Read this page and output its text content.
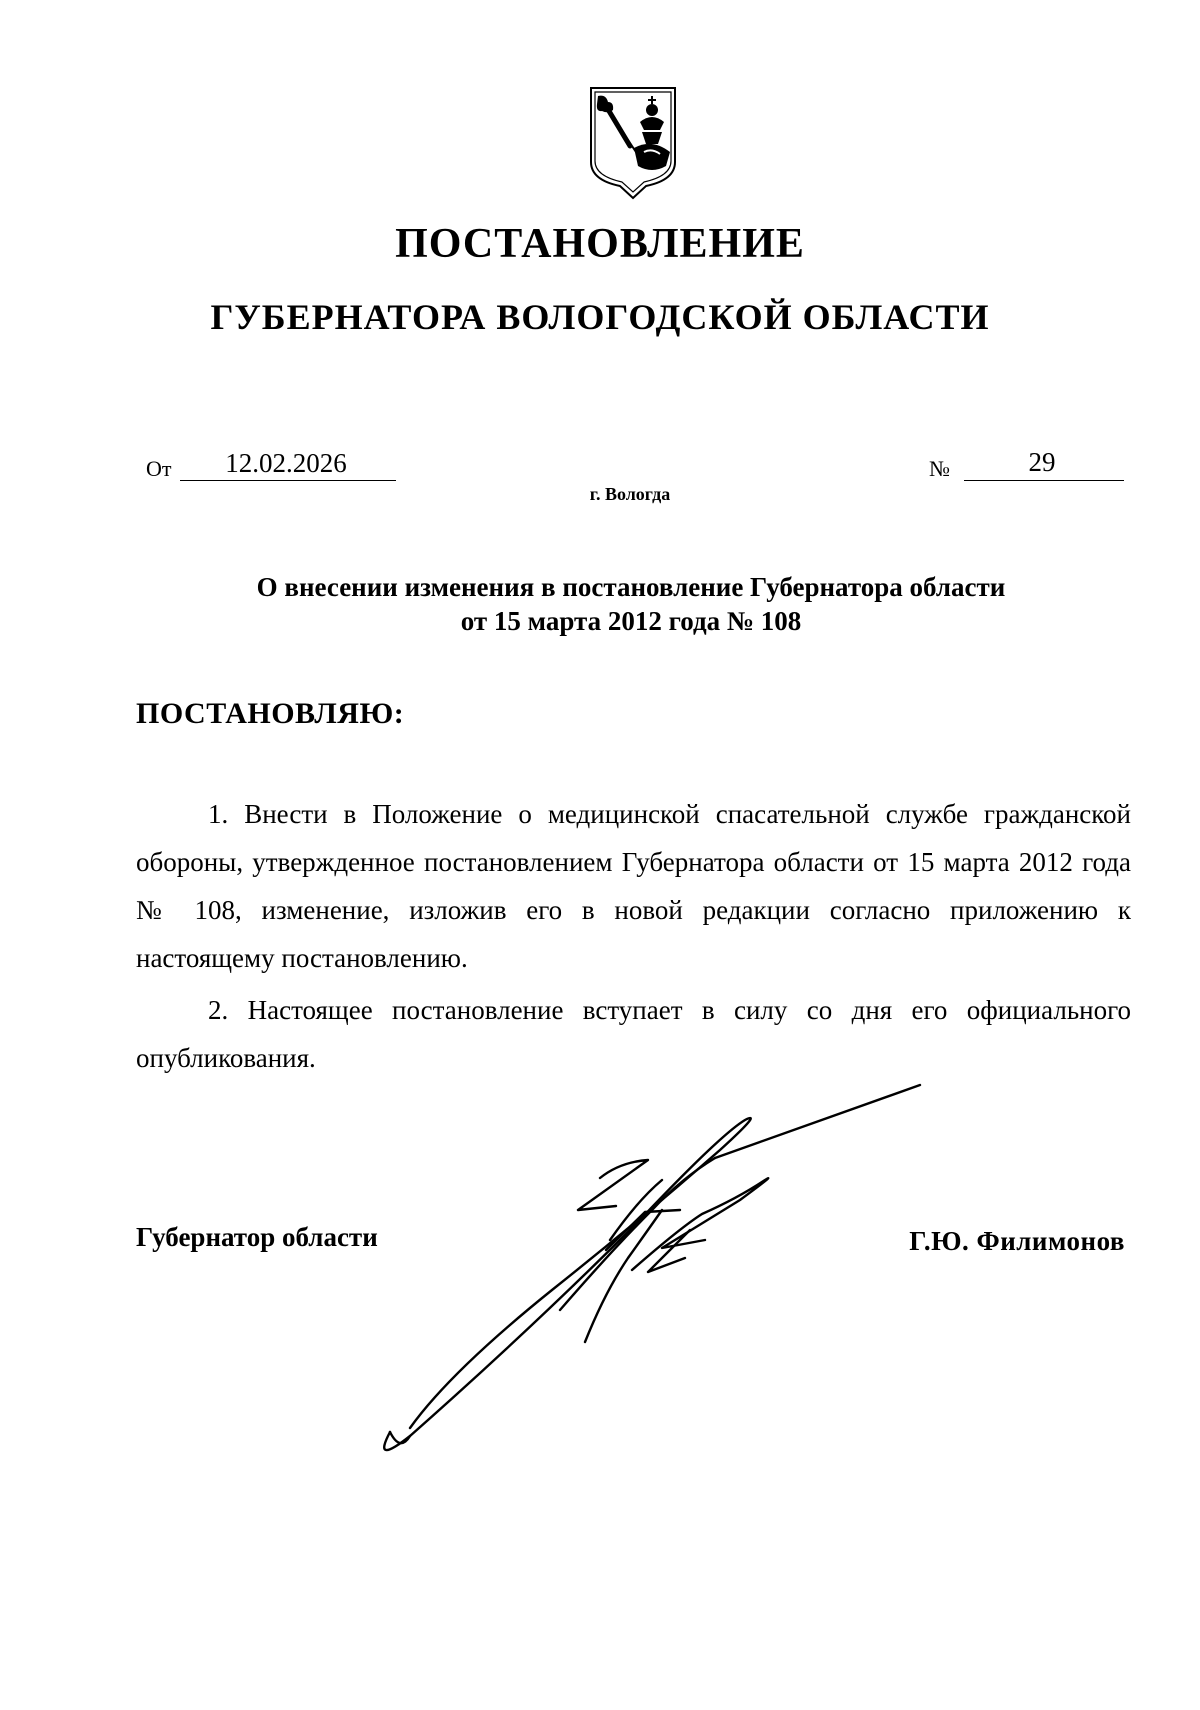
ПОСТАНОВЛЕНИЕ
ГУБЕРНАТОРА ВОЛОГОДСКОЙ ОБЛАСТИ
От	12.02.2026	№	29
г. Вологда
О внесении изменения в постановление Губернатора области
от 15 марта 2012 года № 108
ПОСТАНОВЛЯЮ:
1. Внести в Положение о медицинской спасательной службе гражданской обороны, утвержденное постановлением Губернатора области от 15 марта 2012 года № 108, изменение, изложив его в новой редакции согласно приложению к настоящему постановлению.
2. Настоящее постановление вступает в силу со дня его официального опубликования.
Губернатор области	Г.Ю. Филимонов
